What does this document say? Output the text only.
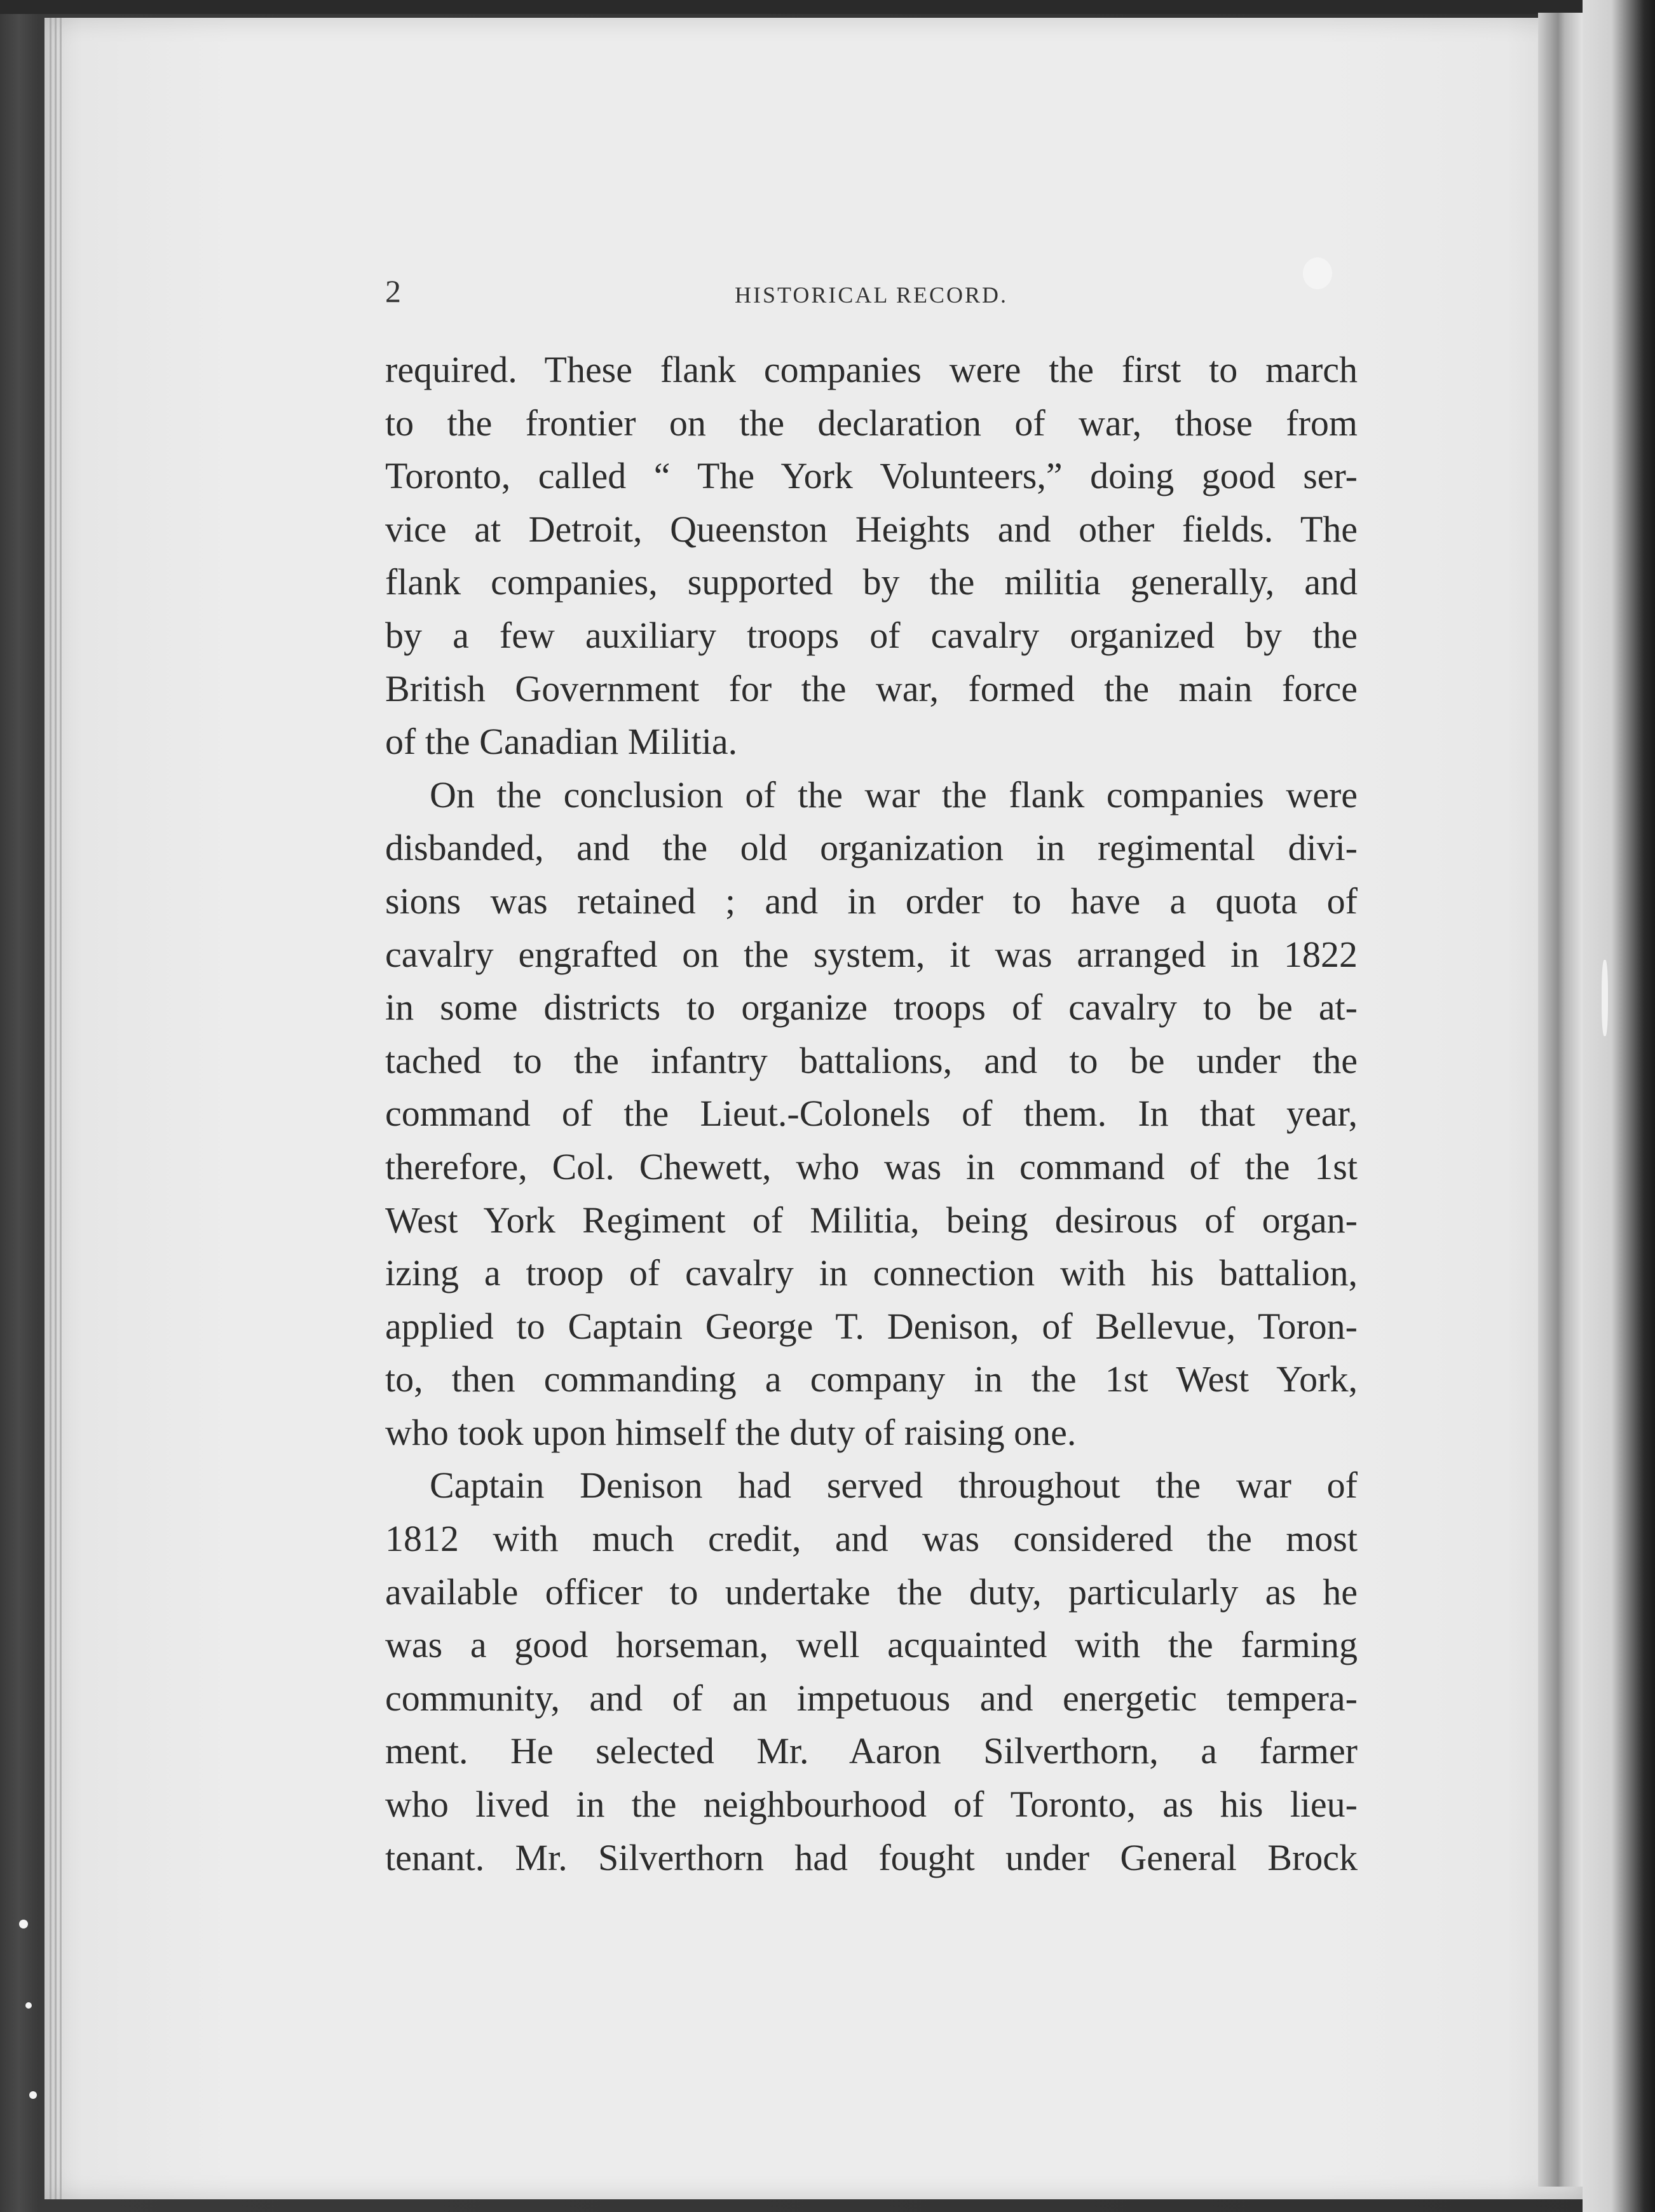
2	HISTORICAL RECORD.
required. These flank companies were the first to march
to the frontier on the declaration of war, those from
Toronto, called “ The York Volunteers,” doing good ser-
vice at Detroit, Queenston Heights and other fields. The
flank companies, supported by the militia generally, and
by a few auxiliary troops of cavalry organized by the
British Government for the war, formed the main force
of the Canadian Militia.
On the conclusion of the war the flank companies were
disbanded, and the old organization in regimental divi-
sions was retained ; and in order to have a quota of
cavalry engrafted on the system, it was arranged in 1822
in some districts to organize troops of cavalry to be at-
tached to the infantry battalions, and to be under the
command of the Lieut.-Colonels of them. In that year,
therefore, Col. Chewett, who was in command of the 1st
West York Regiment of Militia, being desirous of organ-
izing a troop of cavalry in connection with his battalion,
applied to Captain George T. Denison, of Bellevue, Toron-
to, then commanding a company in the 1st West York,
who took upon himself the duty of raising one.
Captain Denison had served throughout the war of
1812 with much credit, and was considered the most
available officer to undertake the duty, particularly as he
was a good horseman, well acquainted with the farming
community, and of an impetuous and energetic tempera-
ment. He selected Mr. Aaron Silverthorn, a farmer
who lived in the neighbourhood of Toronto, as his lieu-
tenant. Mr. Silverthorn had fought under General Brock
